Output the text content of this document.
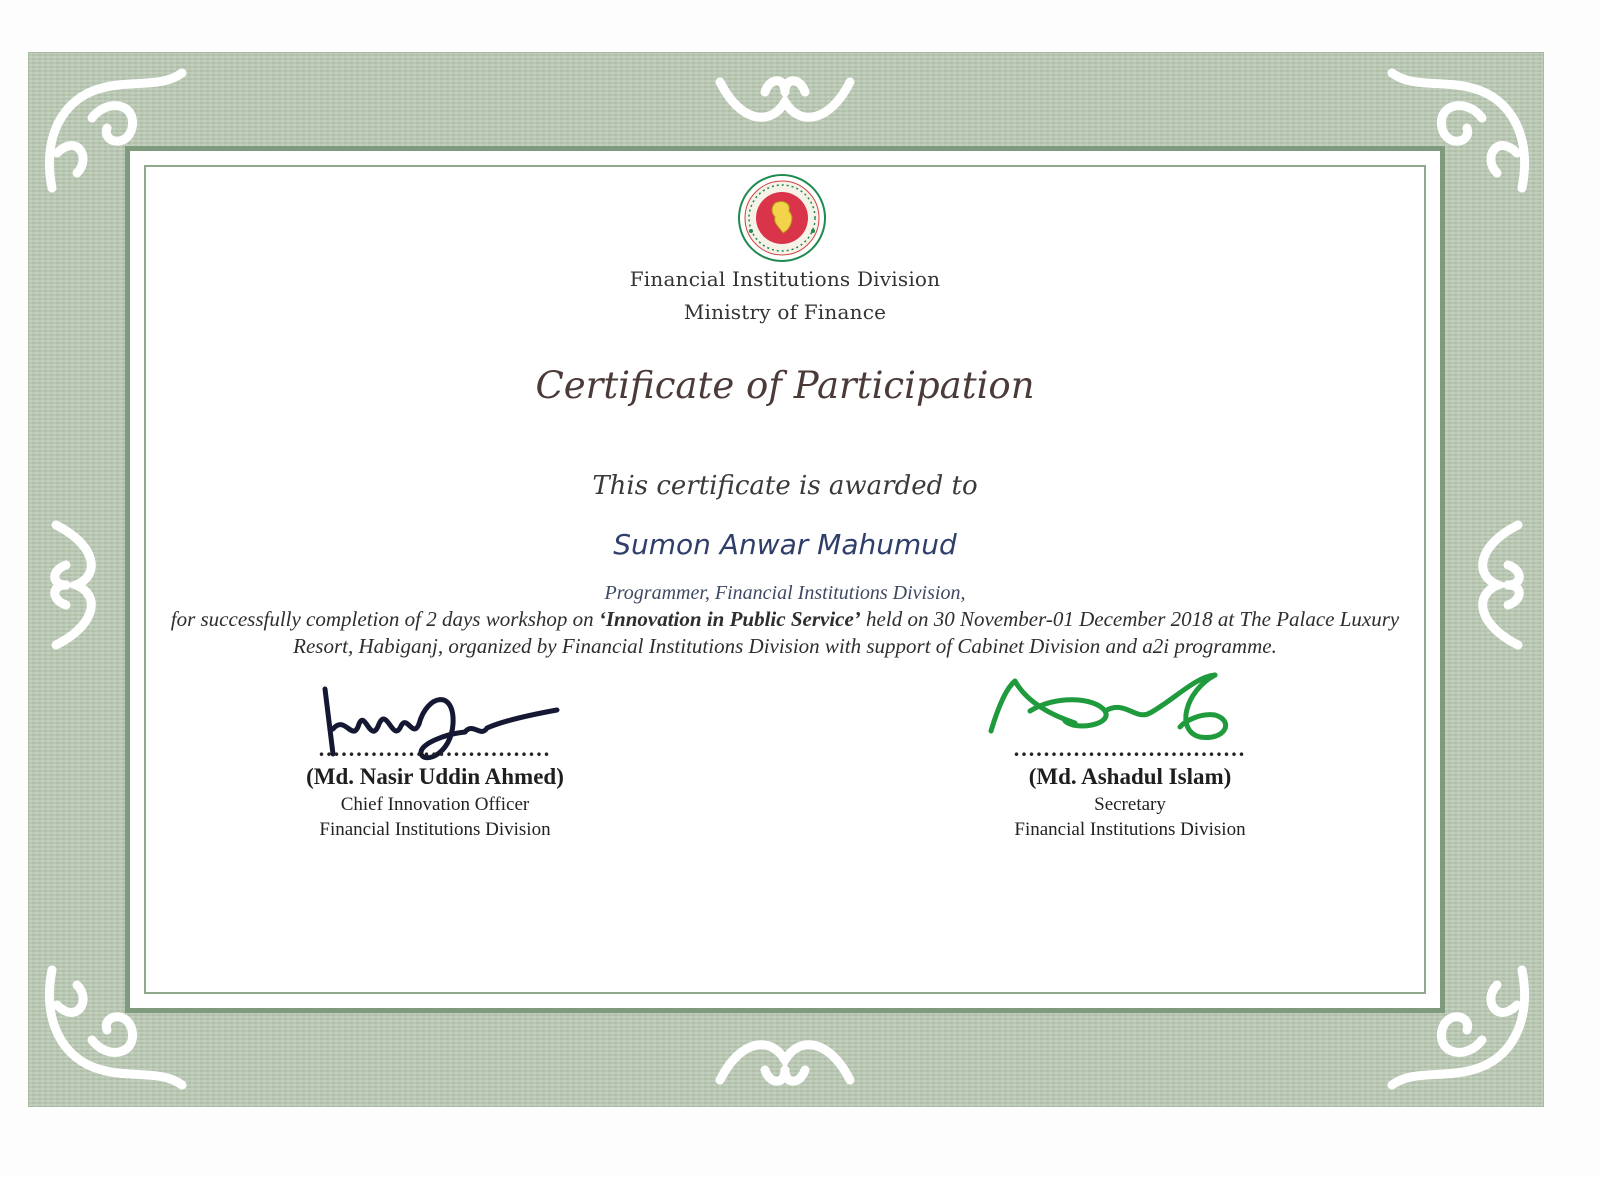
Financial Institutions Division
Ministry of Finance
Certificate of Participation
This certificate is awarded to
Sumon Anwar Mahumud
Programmer, Financial Institutions Division,
for successfully completion of 2 days workshop on ‘Innovation in Public Service’ held on 30 November-01 December 2018 at The Palace Luxury Resort, Habiganj, organized by Financial Institutions Division with support of Cabinet Division and a2i programme.
...............................
(Md. Nasir Uddin Ahmed)
Chief Innovation Officer
Financial Institutions Division
...............................
(Md. Ashadul Islam)
Secretary
Financial Institutions Division
